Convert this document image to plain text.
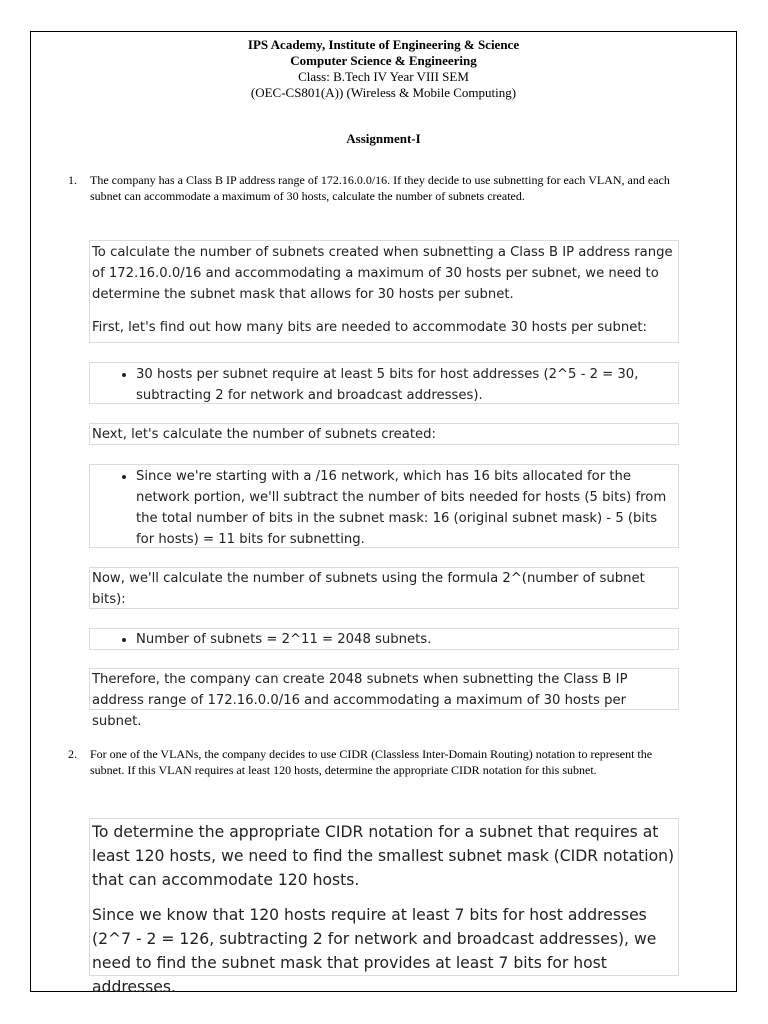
IPS Academy, Institute of Engineering & Science
Computer Science & Engineering
Class: B.Tech IV Year VIII SEM
(OEC-CS801(A)) (Wireless & Mobile Computing)
Assignment-I
1. The company has a Class B IP address range of 172.16.0.0/16. If they decide to use subnetting for each VLAN, and each subnet can accommodate a maximum of 30 hosts, calculate the number of subnets created.

To calculate the number of subnets created when subnetting a Class B IP address range of 172.16.0.0/16 and accommodating a maximum of 30 hosts per subnet, we need to determine the subnet mask that allows for 30 hosts per subnet.

First, let's find out how many bits are needed to accommodate 30 hosts per subnet:

• 30 hosts per subnet require at least 5 bits for host addresses (2^5 - 2 = 30, subtracting 2 for network and broadcast addresses).

Next, let's calculate the number of subnets created:

• Since we're starting with a /16 network, which has 16 bits allocated for the network portion, we'll subtract the number of bits needed for hosts (5 bits) from the total number of bits in the subnet mask: 16 (original subnet mask) - 5 (bits for hosts) = 11 bits for subnetting.

Now, we'll calculate the number of subnets using the formula 2^(number of subnet bits):

• Number of subnets = 2^11 = 2048 subnets.

Therefore, the company can create 2048 subnets when subnetting the Class B IP address range of 172.16.0.0/16 and accommodating a maximum of 30 hosts per subnet.

2. For one of the VLANs, the company decides to use CIDR (Classless Inter-Domain Routing) notation to represent the subnet. If this VLAN requires at least 120 hosts, determine the appropriate CIDR notation for this subnet.

To determine the appropriate CIDR notation for a subnet that requires at least 120 hosts, we need to find the smallest subnet mask (CIDR notation) that can accommodate 120 hosts.

Since we know that 120 hosts require at least 7 bits for host addresses (2^7 - 2 = 126, subtracting 2 for network and broadcast addresses), we need to find the subnet mask that provides at least 7 bits for host addresses.
